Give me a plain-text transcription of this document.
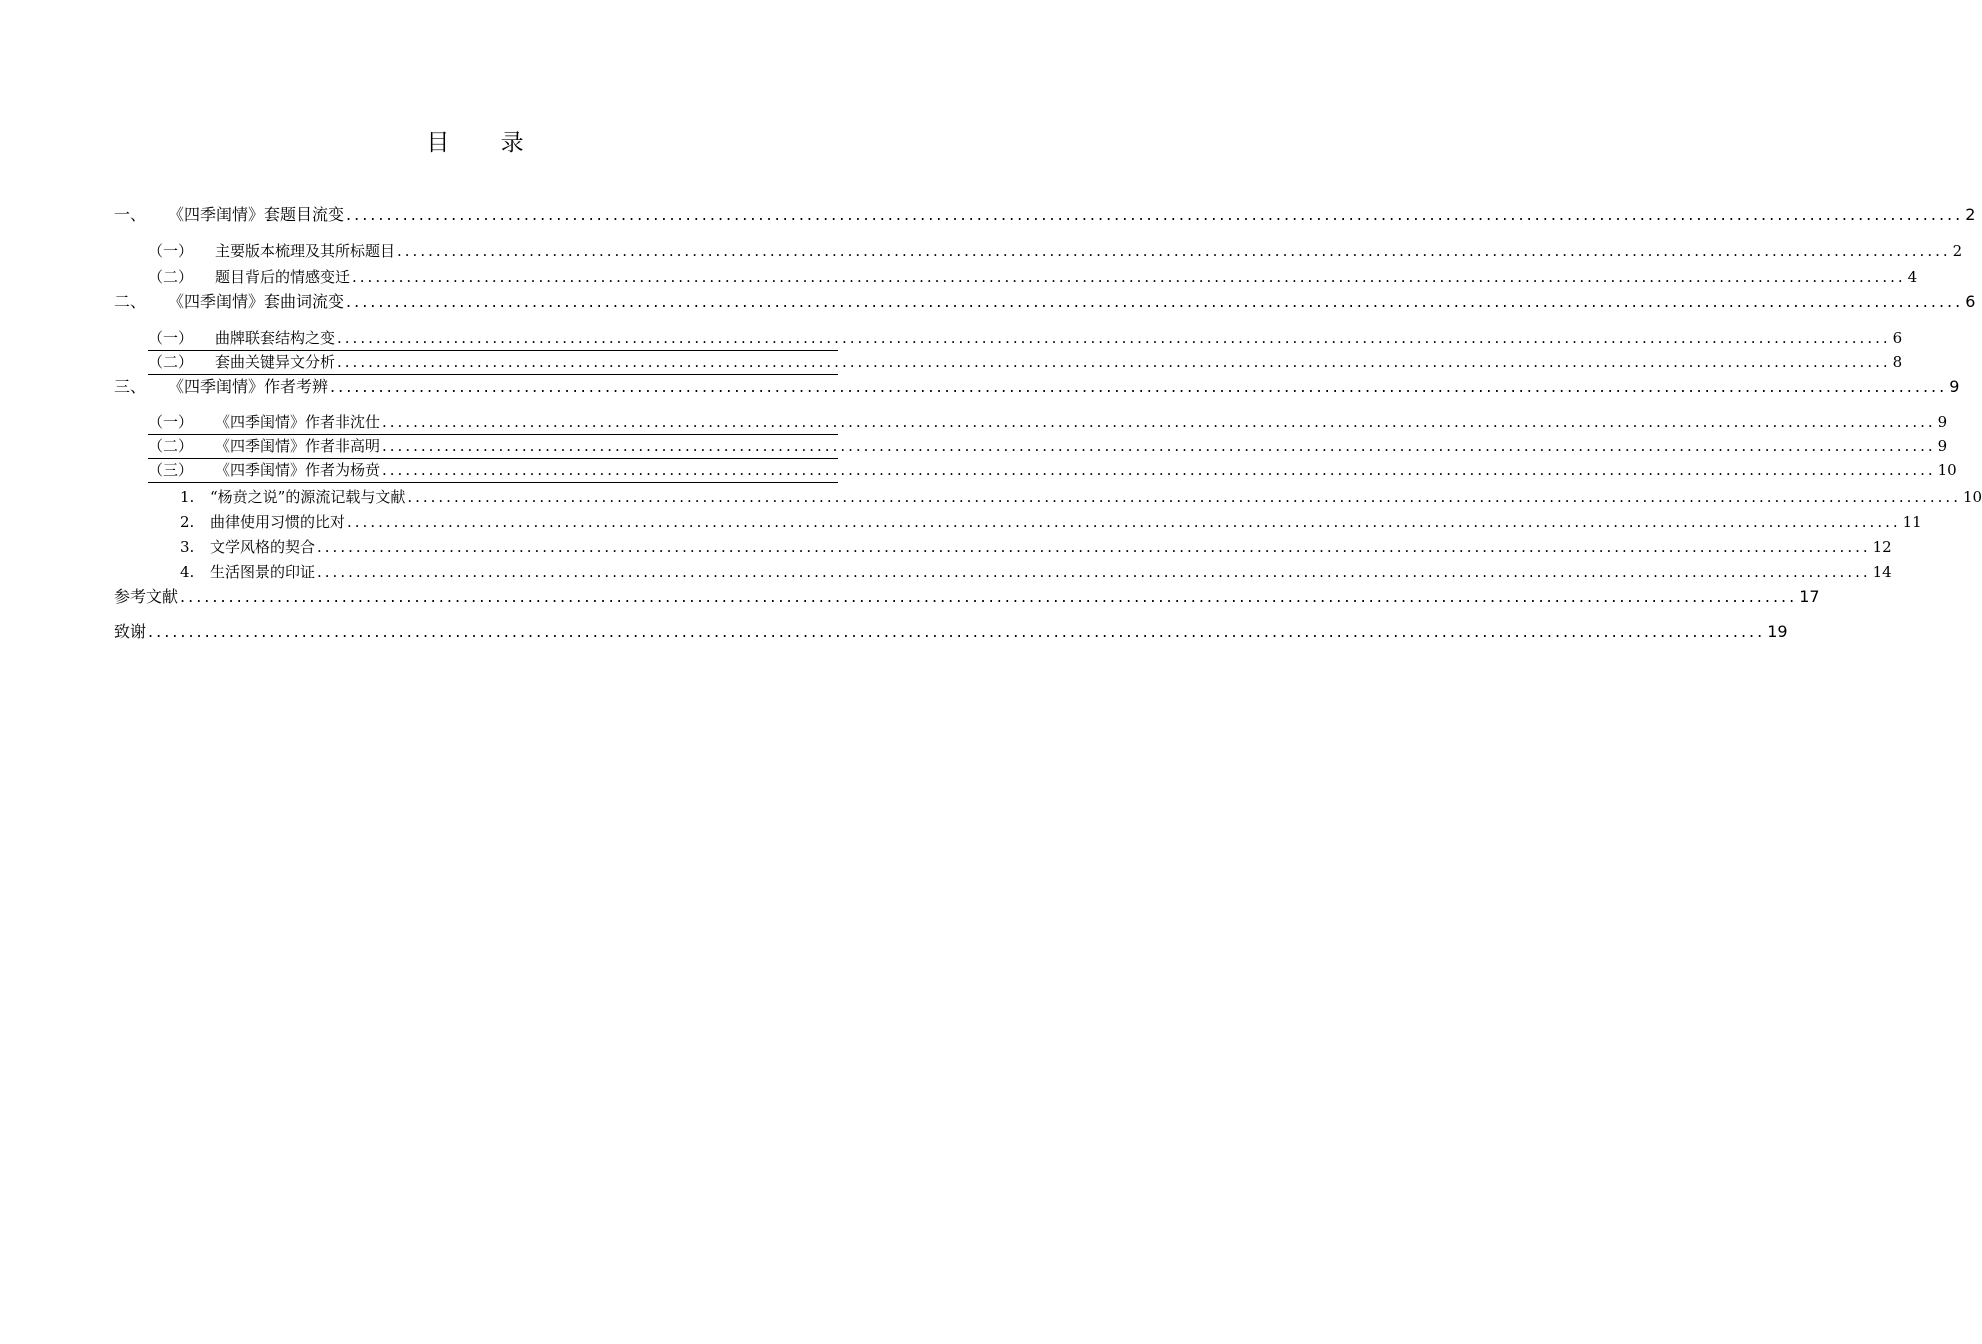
目 录
一、	《四季闺情》套题目流变 ........................................................................................................................................................................................................ 2
（一）	主要版本梳理及其所标题目 ........................................................................................................................................................................................................ 2
（二）	题目背后的情感变迁 ........................................................................................................................................................................................................ 4
二、	《四季闺情》套曲词流变 ........................................................................................................................................................................................................ 6
（一）	曲牌联套结构之变 ........................................................................................................................................................................................................ 6
（二）	套曲关键异文分析 ........................................................................................................................................................................................................ 8
三、	《四季闺情》作者考辨 ........................................................................................................................................................................................................ 9
（一）	《四季闺情》作者非沈仕 ........................................................................................................................................................................................................ 9
（二）	《四季闺情》作者非高明 ........................................................................................................................................................................................................ 9
（三）	《四季闺情》作者为杨贲 ........................................................................................................................................................................................................ 10
1.	“杨贲之说”的源流记载与文献 ........................................................................................................................................................................................................ 10
2.	曲律使用习惯的比对 ........................................................................................................................................................................................................ 11
3.	文学风格的契合 ........................................................................................................................................................................................................ 12
4.	生活图景的印证 ........................................................................................................................................................................................................ 14
参考文献 ........................................................................................................................................................................................................ 17
致谢 ........................................................................................................................................................................................................ 19
